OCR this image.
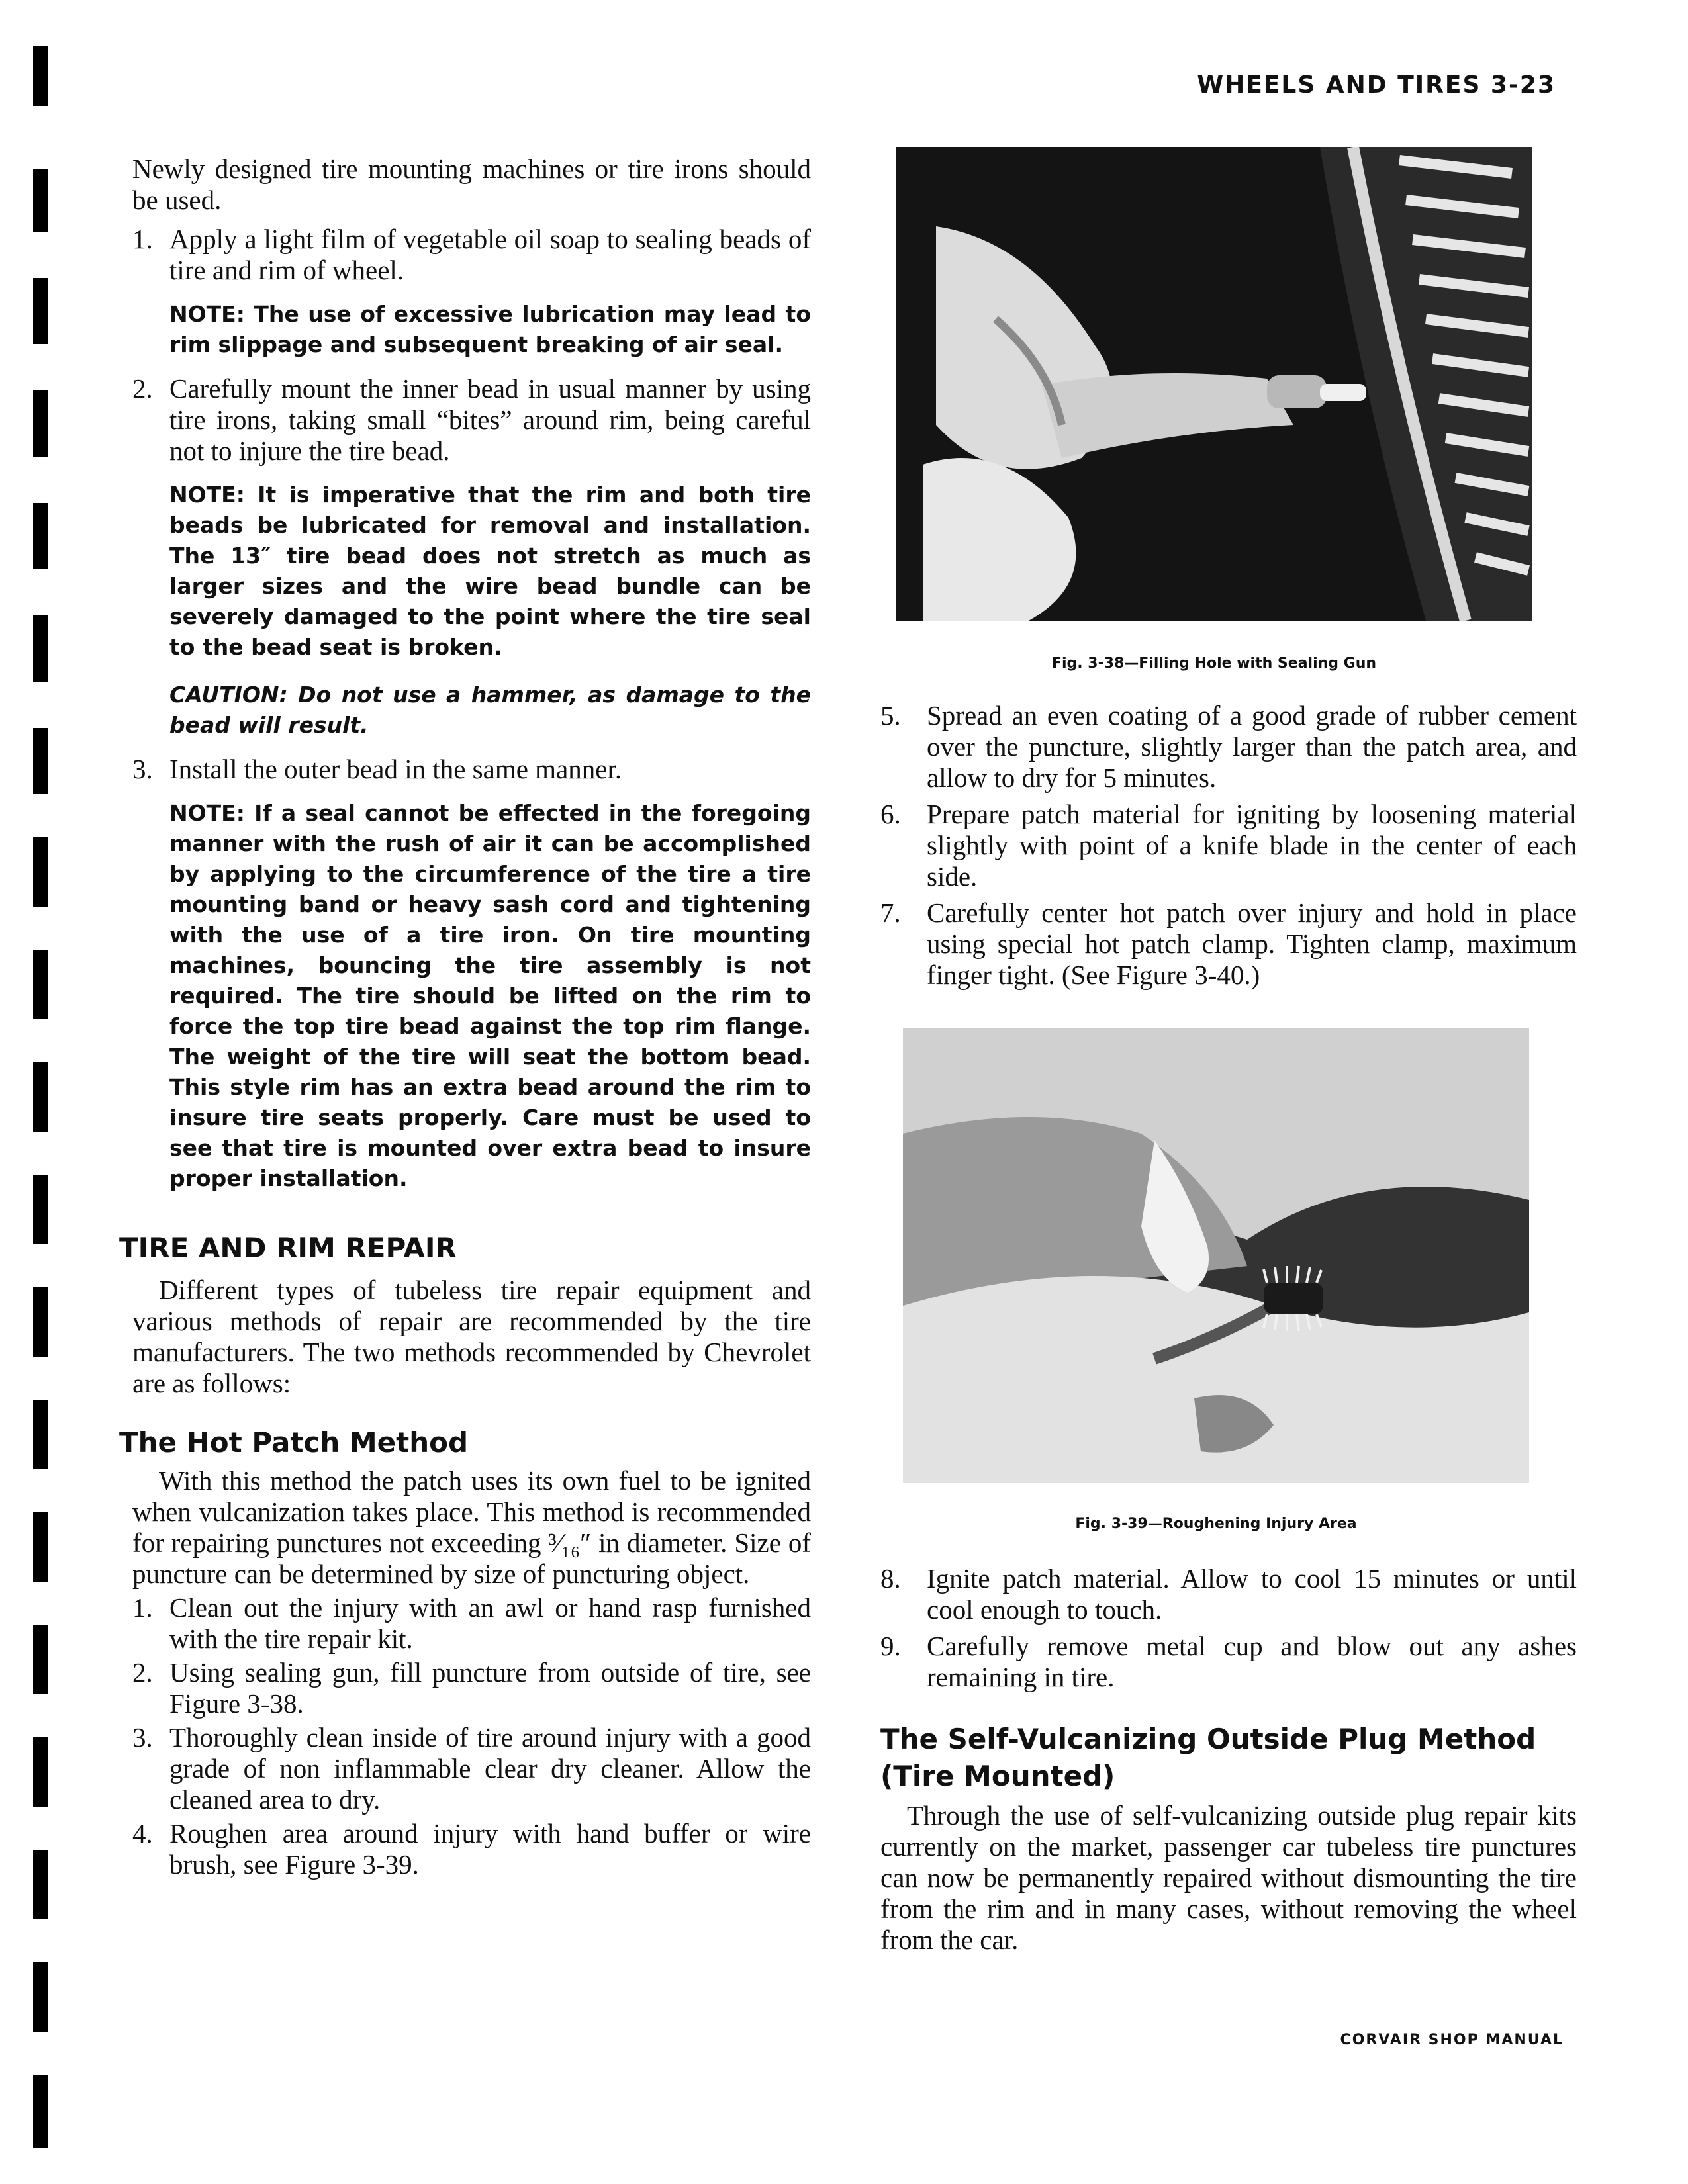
WHEELS AND TIRES 3-23

Newly designed tire mounting machines or tire irons should be used.

1. Apply a light film of vegetable oil soap to sealing beads of tire and rim of wheel.
NOTE: The use of excessive lubrication may lead to rim slippage and subsequent breaking of air seal.
2. Carefully mount the inner bead in usual manner by using tire irons, taking small “bites” around rim, being careful not to injure the tire bead.
NOTE: It is imperative that the rim and both tire beads be lubricated for removal and installation. The 13″ tire bead does not stretch as much as larger sizes and the wire bead bundle can be severely damaged to the point where the tire seal to the bead seat is broken.
CAUTION: Do not use a hammer, as damage to the bead will result.
3. Install the outer bead in the same manner.
NOTE: If a seal cannot be effected in the foregoing manner with the rush of air it can be accomplished by applying to the circumference of the tire a tire mounting band or heavy sash cord and tightening with the use of a tire iron. On tire mounting machines, bouncing the tire assembly is not required. The tire should be lifted on the rim to force the top tire bead against the top rim flange. The weight of the tire will seat the bottom bead. This style rim has an extra bead around the rim to insure tire seats properly. Care must be used to see that tire is mounted over extra bead to insure proper installation.
TIRE AND RIM REPAIR

Different types of tubeless tire repair equipment and various methods of repair are recommended by the tire manufacturers. The two methods recommended by Chevrolet are as follows:

The Hot Patch Method

With this method the patch uses its own fuel to be ignited when vulcanization takes place. This method is recommended for repairing punctures not exceeding ³⁄₁₆″ in diameter. Size of puncture can be determined by size of puncturing object.

1. Clean out the injury with an awl or hand rasp furnished with the tire repair kit.
2. Using sealing gun, fill puncture from outside of tire, see Figure 3-38.
3. Thoroughly clean inside of tire around injury with a good grade of non inflammable clear dry cleaner. Allow the cleaned area to dry.
4. Roughen area around injury with hand buffer or wire brush, see Figure 3-39.
Fig. 3-38—Filling Hole with Sealing Gun
5. Spread an even coating of a good grade of rubber cement over the puncture, slightly larger than the patch area, and allow to dry for 5 minutes.
6. Prepare patch material for igniting by loosening material slightly with point of a knife blade in the center of each side.
7. Carefully center hot patch over injury and hold in place using special hot patch clamp. Tighten clamp, maximum finger tight. (See Figure 3-40.)
Fig. 3-39—Roughening Injury Area
8. Ignite patch material. Allow to cool 15 minutes or until cool enough to touch.
9. Carefully remove metal cup and blow out any ashes remaining in tire.
The Self-Vulcanizing Outside Plug Method
(Tire Mounted)

Through the use of self-vulcanizing outside plug repair kits currently on the market, passenger car tubeless tire punctures can now be permanently repaired without dismounting the tire from the rim and in many cases, without removing the wheel from the car.

CORVAIR SHOP MANUAL
